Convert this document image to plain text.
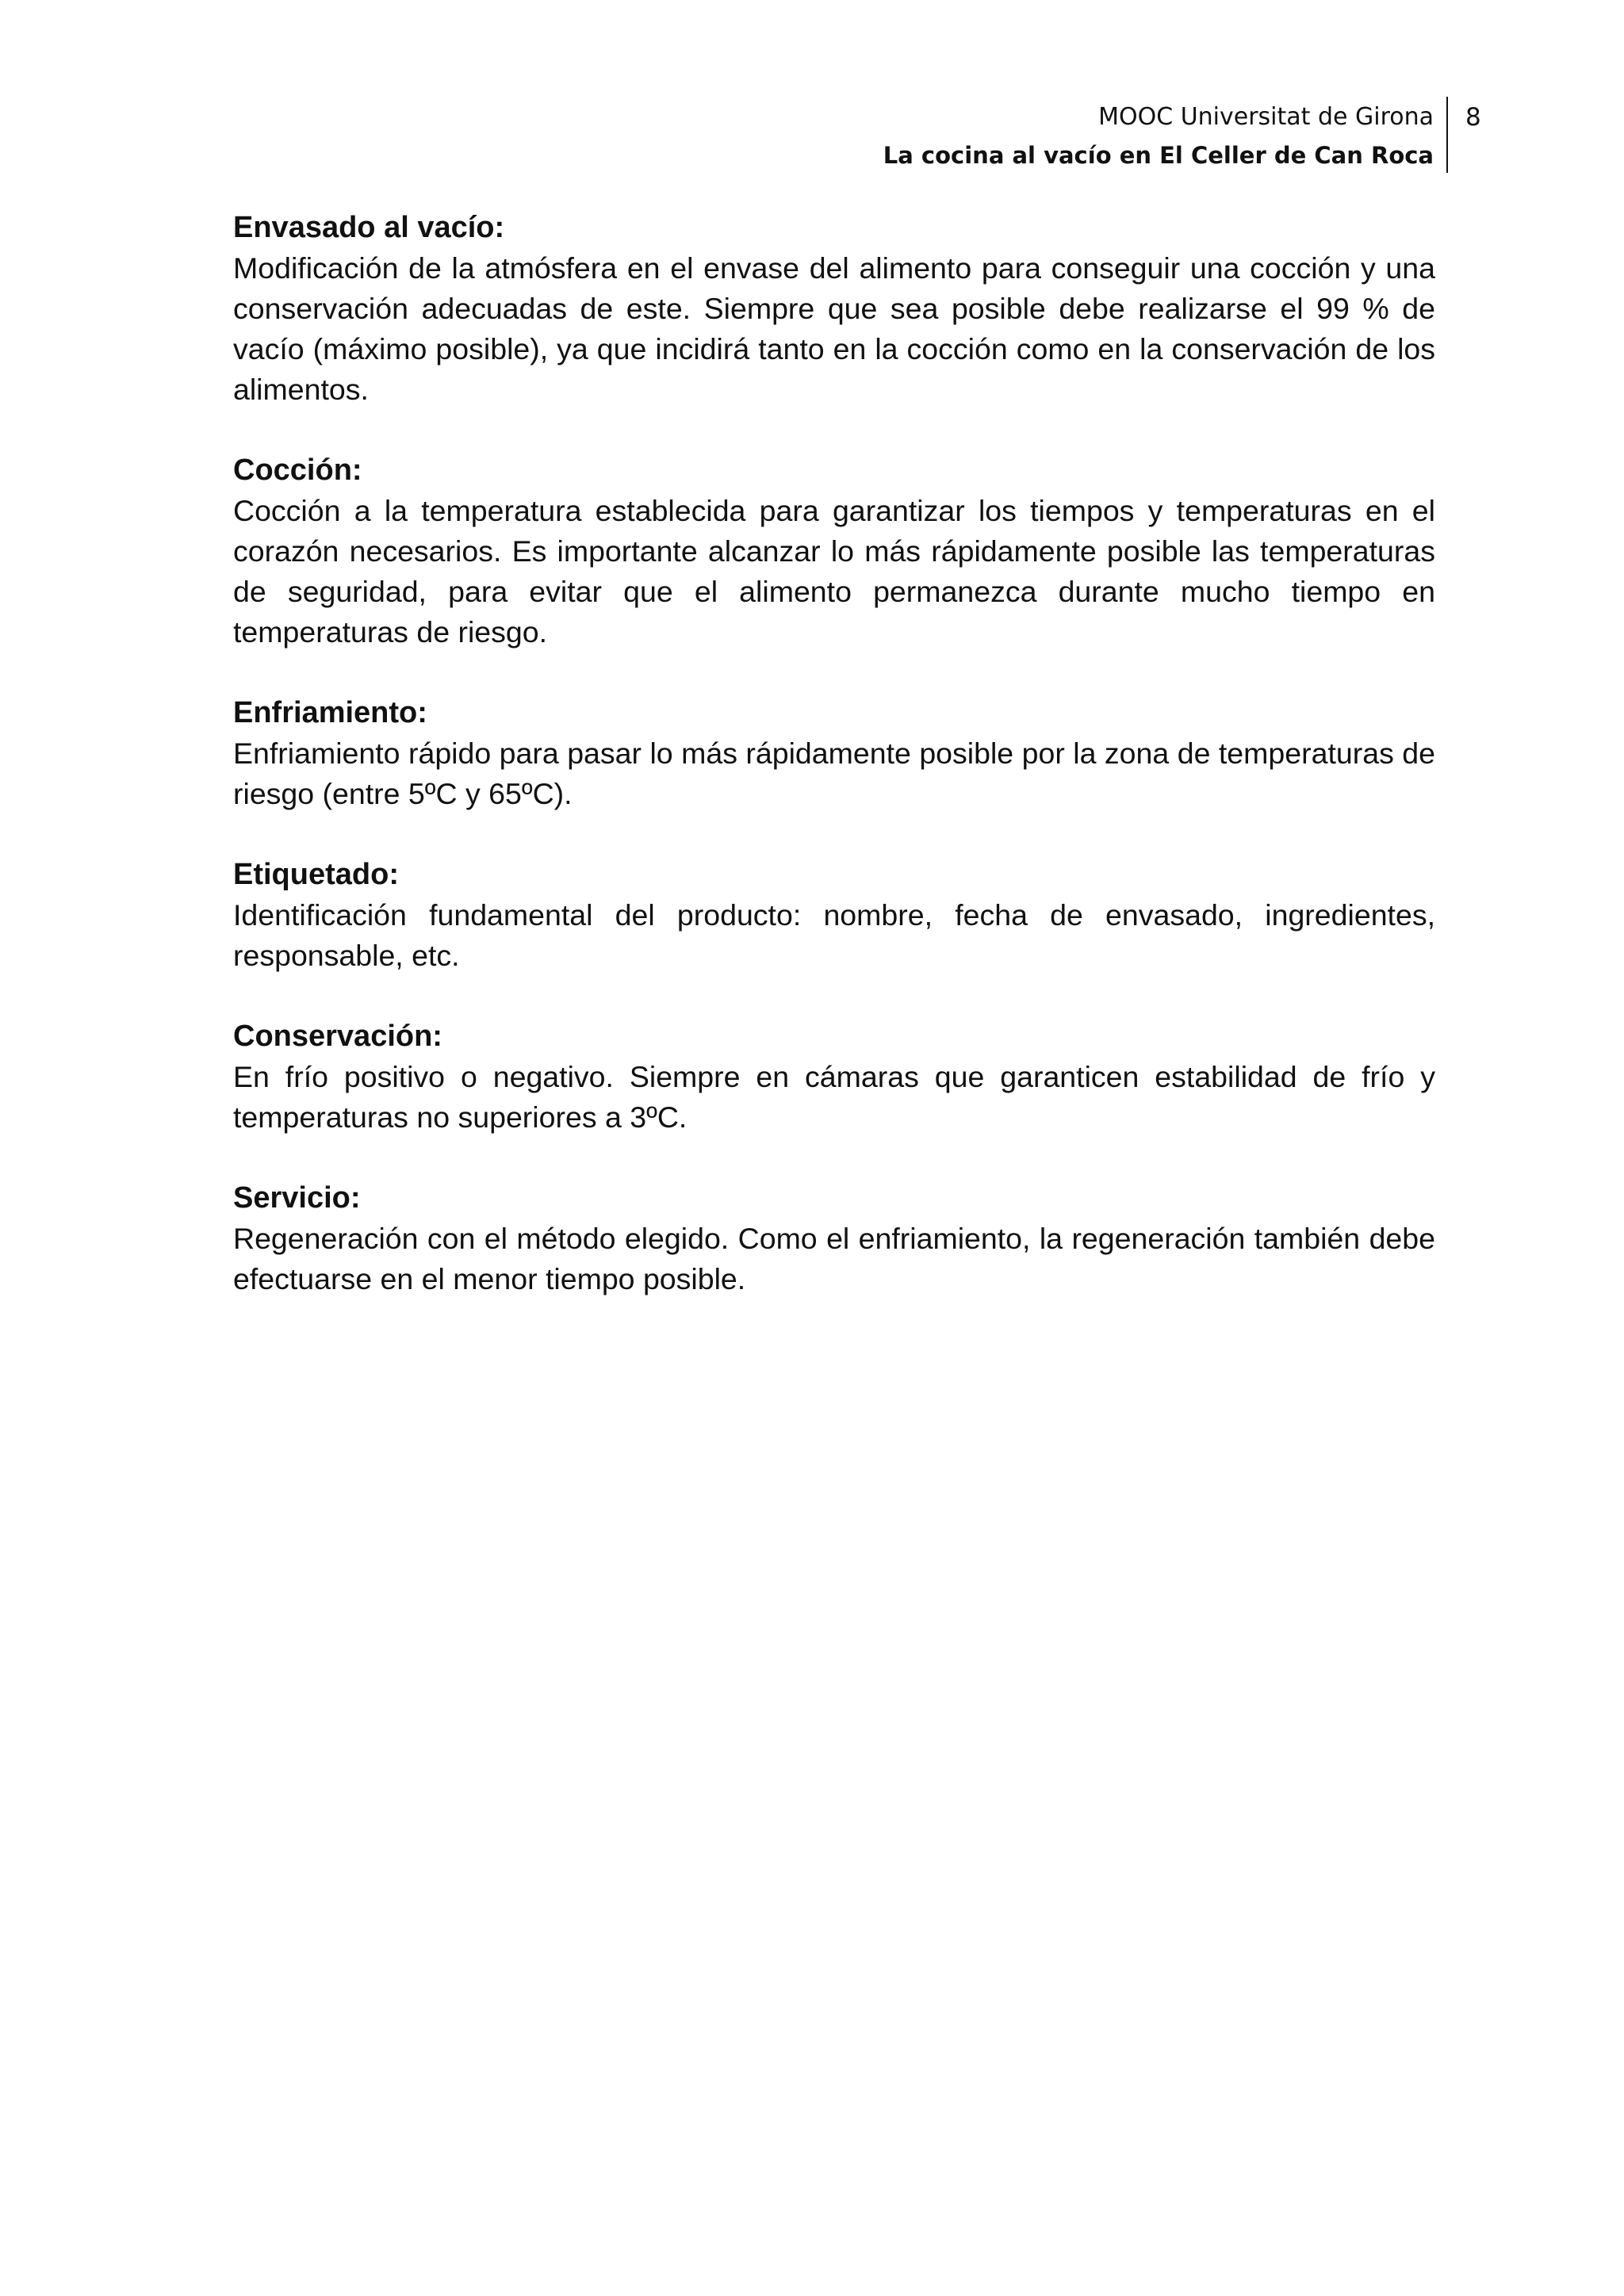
MOOC Universitat de Girona
La cocina al vacío en El Celler de Can Roca
8

Envasado al vacío:

Modificación de la atmósfera en el envase del alimento para conseguir una cocción y una conservación adecuadas de este. Siempre que sea posible debe realizarse el 99 % de vacío (máximo posible), ya que incidirá tanto en la cocción como en la conservación de los alimentos.

Cocción:

Cocción a la temperatura establecida para garantizar los tiempos y temperaturas en el corazón necesarios. Es importante alcanzar lo más rápidamente posible las temperaturas de seguridad, para evitar que el alimento permanezca durante mucho tiempo en temperaturas de riesgo.

Enfriamiento:

Enfriamiento rápido para pasar lo más rápidamente posible por la zona de temperaturas de riesgo (entre 5ºC y 65ºC).

Etiquetado:

Identificación fundamental del producto: nombre, fecha de envasado, ingredientes, responsable, etc.

Conservación:

En frío positivo o negativo. Siempre en cámaras que garanticen estabilidad de frío y temperaturas no superiores a 3ºC.

Servicio:

Regeneración con el método elegido. Como el enfriamiento, la regeneración también debe efectuarse en el menor tiempo posible.
